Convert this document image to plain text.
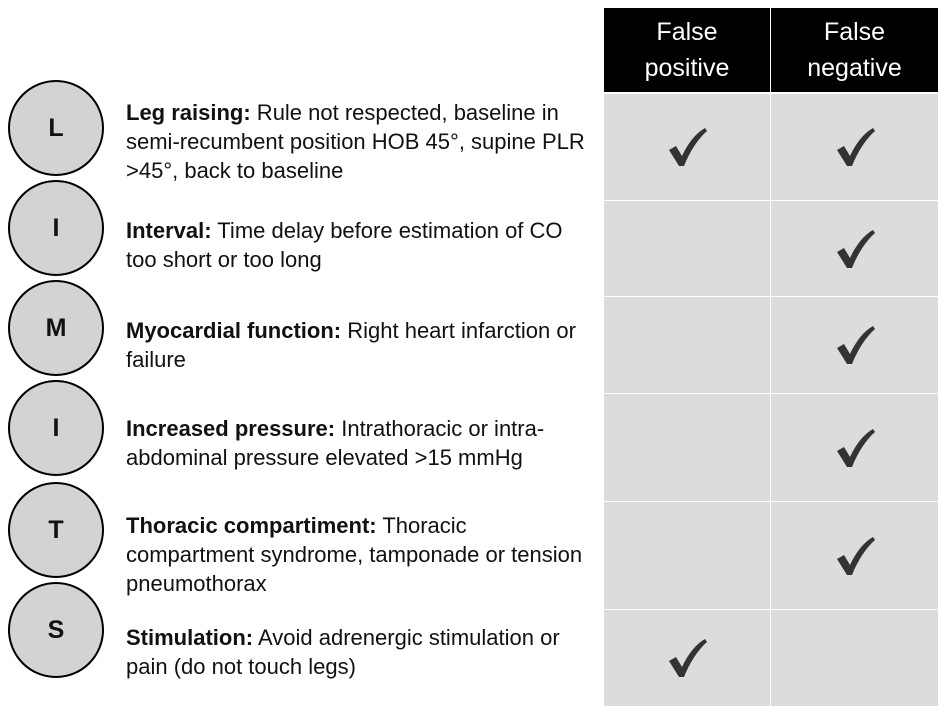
False
positive
False
negative
L
I
M
I
T
S
Leg raising: Rule not respected, baseline in semi-recumbent position HOB 45°, supine PLR >45°, back to baseline
Interval: Time delay before estimation of CO too short or too long
Myocardial function: Right heart infarction or failure
Increased pressure: Intrathoracic or intra-abdominal pressure elevated >15 mmHg
Thoracic compartiment: Thoracic compartment syndrome, tamponade or tension pneumothorax
Stimulation: Avoid adrenergic stimulation or pain (do not touch legs)
